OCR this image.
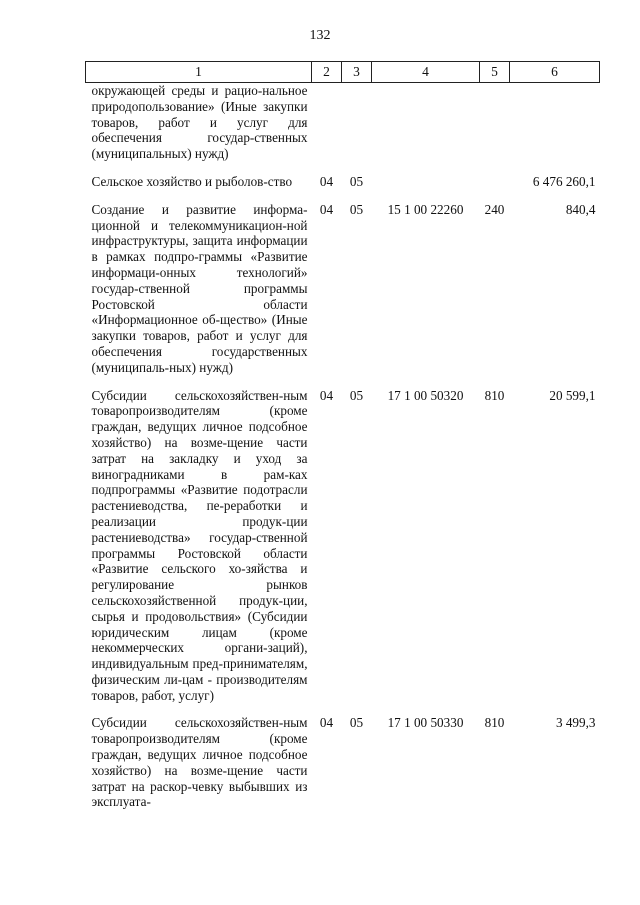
132
1	2	3	4	5	6
окружающей среды и рацио-нальное природопользование» (Иные закупки товаров, работ и услуг для обеспечения государ-ственных (муниципальных) нужд)					
Сельское хозяйство и рыболов-ство	04	05			6 476 260,1
Создание и развитие информа-ционной и телекоммуникацион-ной инфраструктуры, защита информации в рамках подпро-граммы «Развитие информаци-онных технологий» государ-ственной программы Ростовской области «Информационное об-щество» (Иные закупки товаров, работ и услуг для обеспечения государственных (муниципаль-ных) нужд)	04	05	15 1 00 22260	240	840,4
Субсидии сельскохозяйствен-ным товаропроизводителям (кроме граждан, ведущих личное подсобное хозяйство) на возме-щение части затрат на закладку и уход за виноградниками в рам-ках подпрограммы «Развитие подотрасли растениеводства, пе-реработки и реализации продук-ции растениеводства» государ-ственной программы Ростовской области «Развитие сельского хо-зяйства и регулирование рынков сельскохозяйственной продук-ции, сырья и продовольствия» (Субсидии юридическим лицам (кроме некоммерческих органи-заций), индивидуальным пред-принимателям, физическим ли-цам - производителям товаров, работ, услуг)	04	05	17 1 00 50320	810	20 599,1
Субсидии сельскохозяйствен-ным товаропроизводителям (кроме граждан, ведущих личное подсобное хозяйство) на возме-щение части затрат на раскор-чевку выбывших из эксплуата-	04	05	17 1 00 50330	810	3 499,3
